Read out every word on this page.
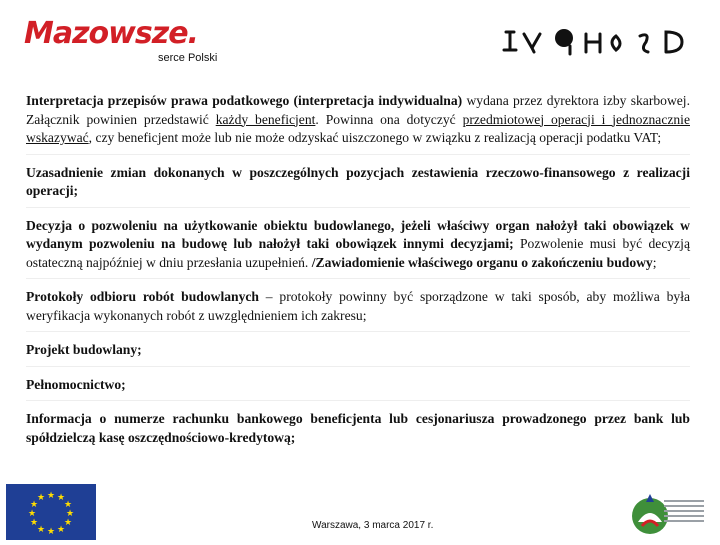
Mazowsze.
serce Polski

Interpretacja przepisów prawa podatkowego (interpretacja indywidualna) wydana przez dyrektora izby skarbowej. Załącznik powinien przedstawić każdy beneficjent. Powinna ona dotyczyć przedmiotowej operacji i jednoznacznie wskazywać, czy beneficjent może lub nie może odzyskać uiszczonego w związku z realizacją operacji podatku VAT;

Uzasadnienie zmian dokonanych w poszczególnych pozycjach zestawienia rzeczowo-finansowego z realizacji operacji;

Decyzja o pozwoleniu na użytkowanie obiektu budowlanego, jeżeli właściwy organ nałożył taki obowiązek w wydanym pozwoleniu na budowę lub nałożył taki obowiązek innymi decyzjami; Pozwolenie musi być decyzją ostateczną najpóźniej w dniu przesłania uzupełnień. /Zawiadomienie właściwego organu o zakończeniu budowy;

Protokoły odbioru robót budowlanych – protokoły powinny być sporządzone w taki sposób, aby możliwa była weryfikacja wykonanych robót z uwzględnieniem ich zakresu;

Projekt budowlany;

Pełnomocnictwo;

Informacja o numerze rachunku bankowego beneficjenta lub cesjonariusza prowadzonego przez bank lub spółdzielczą kasę oszczędnościowo-kredytową;

★ ★
★
★
★
★
★
★
★
★
★
★
Warszawa, 3 marca 2017 r.
